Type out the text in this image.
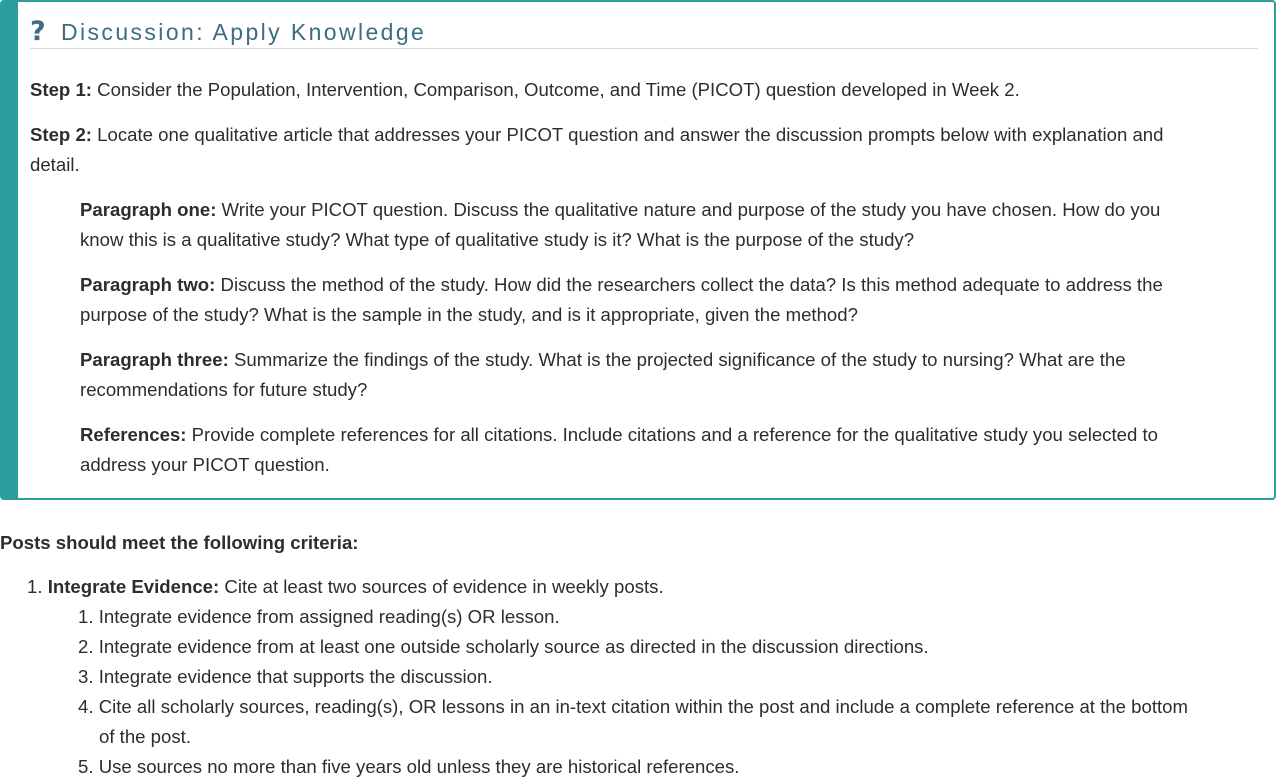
? Discussion: Apply Knowledge
Step 1: Consider the Population, Intervention, Comparison, Outcome, and Time (PICOT) question developed in Week 2.
Step 2: Locate one qualitative article that addresses your PICOT question and answer the discussion prompts below with explanation and
detail.
Paragraph one: Write your PICOT question. Discuss the qualitative nature and purpose of the study you have chosen. How do you
know this is a qualitative study? What type of qualitative study is it? What is the purpose of the study?
Paragraph two: Discuss the method of the study. How did the researchers collect the data? Is this method adequate to address the
purpose of the study? What is the sample in the study, and is it appropriate, given the method?
Paragraph three: Summarize the findings of the study. What is the projected significance of the study to nursing? What are the
recommendations for future study?
References: Provide complete references for all citations. Include citations and a reference for the qualitative study you selected to
address your PICOT question.
Posts should meet the following criteria:
1. Integrate Evidence: Cite at least two sources of evidence in weekly posts.
1. Integrate evidence from assigned reading(s) OR lesson.
2. Integrate evidence from at least one outside scholarly source as directed in the discussion directions.
3. Integrate evidence that supports the discussion.
4. Cite all scholarly sources, reading(s), OR lessons in an in-text citation within the post and include a complete reference at the bottom
of the post.
5. Use sources no more than five years old unless they are historical references.
